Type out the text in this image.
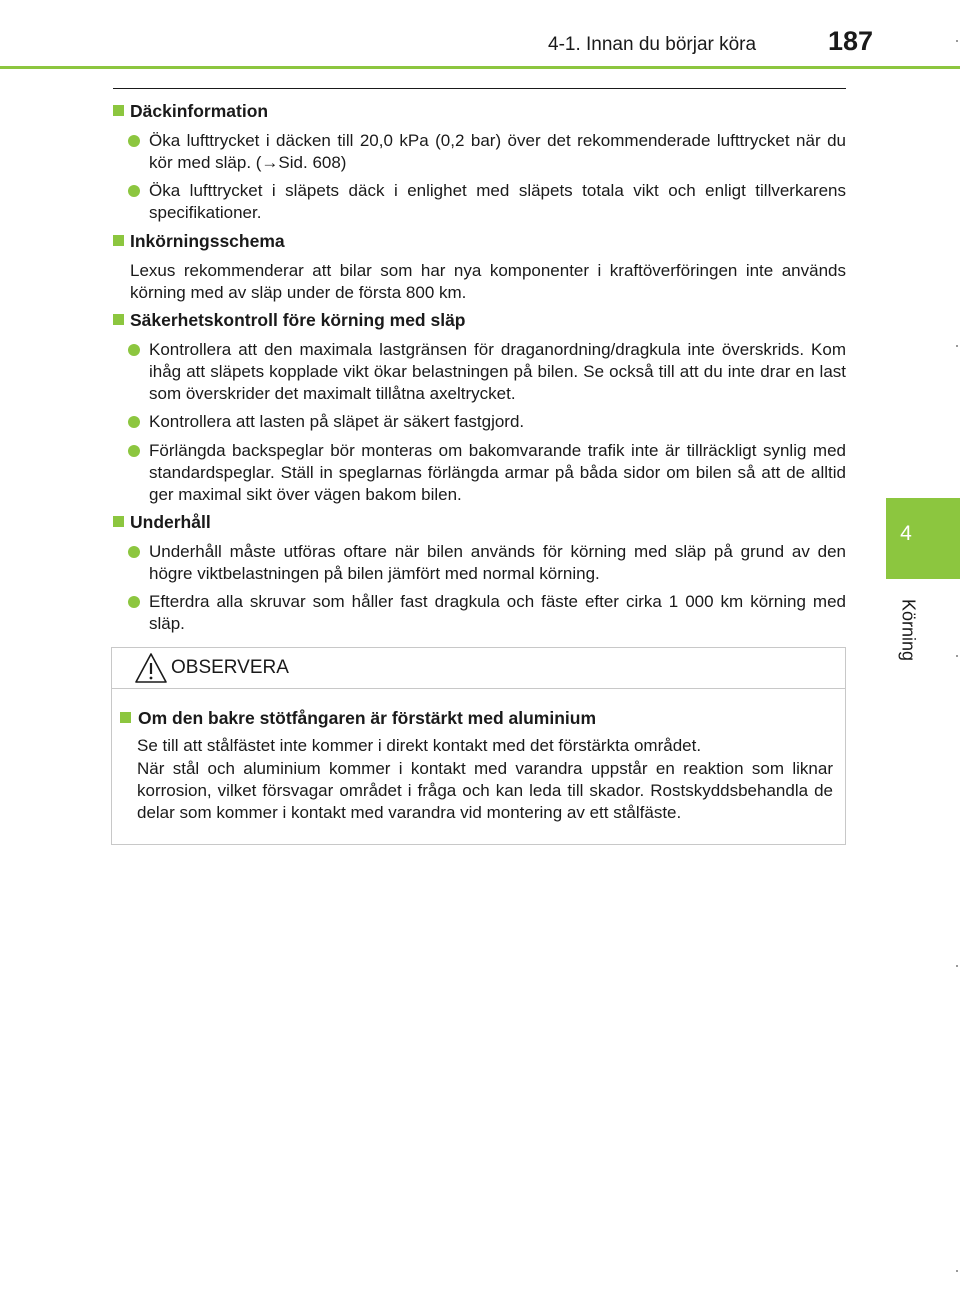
4-1. Innan du börjar köra	187
4
Körning
Däckinformation
Öka lufttrycket i däcken till 20,0 kPa (0,2 bar) över det rekommenderade lufttrycket när du kör med släp. (→Sid. 608)
Öka lufttrycket i släpets däck i enlighet med släpets totala vikt och enligt tillverkarens specifikationer.
Inkörningsschema
Lexus rekommenderar att bilar som har nya komponenter i kraftöverföringen inte används körning med av släp under de första 800 km.
Säkerhetskontroll före körning med släp
Kontrollera att den maximala lastgränsen för draganordning/dragkula inte överskrids. Kom ihåg att släpets kopplade vikt ökar belastningen på bilen. Se också till att du inte drar en last som överskrider det maximalt tillåtna axeltrycket.
Kontrollera att lasten på släpet är säkert fastgjord.
Förlängda backspeglar bör monteras om bakomvarande trafik inte är tillräckligt synlig med standardspeglar. Ställ in speglarnas förlängda armar på båda sidor om bilen så att de alltid ger maximal sikt över vägen bakom bilen.
Underhåll
Underhåll måste utföras oftare när bilen används för körning med släp på grund av den högre viktbelastningen på bilen jämfört med normal körning.
Efterdra alla skruvar som håller fast dragkula och fäste efter cirka 1 000 km körning med släp.
OBSERVERA
Om den bakre stötfångaren är förstärkt med aluminium
Se till att stålfästet inte kommer i direkt kontakt med det förstärkta området.
När stål och aluminium kommer i kontakt med varandra uppstår en reaktion som liknar korrosion, vilket försvagar området i fråga och kan leda till skador. Rostskyddsbehandla de delar som kommer i kontakt med varandra vid montering av ett stålfäste.
